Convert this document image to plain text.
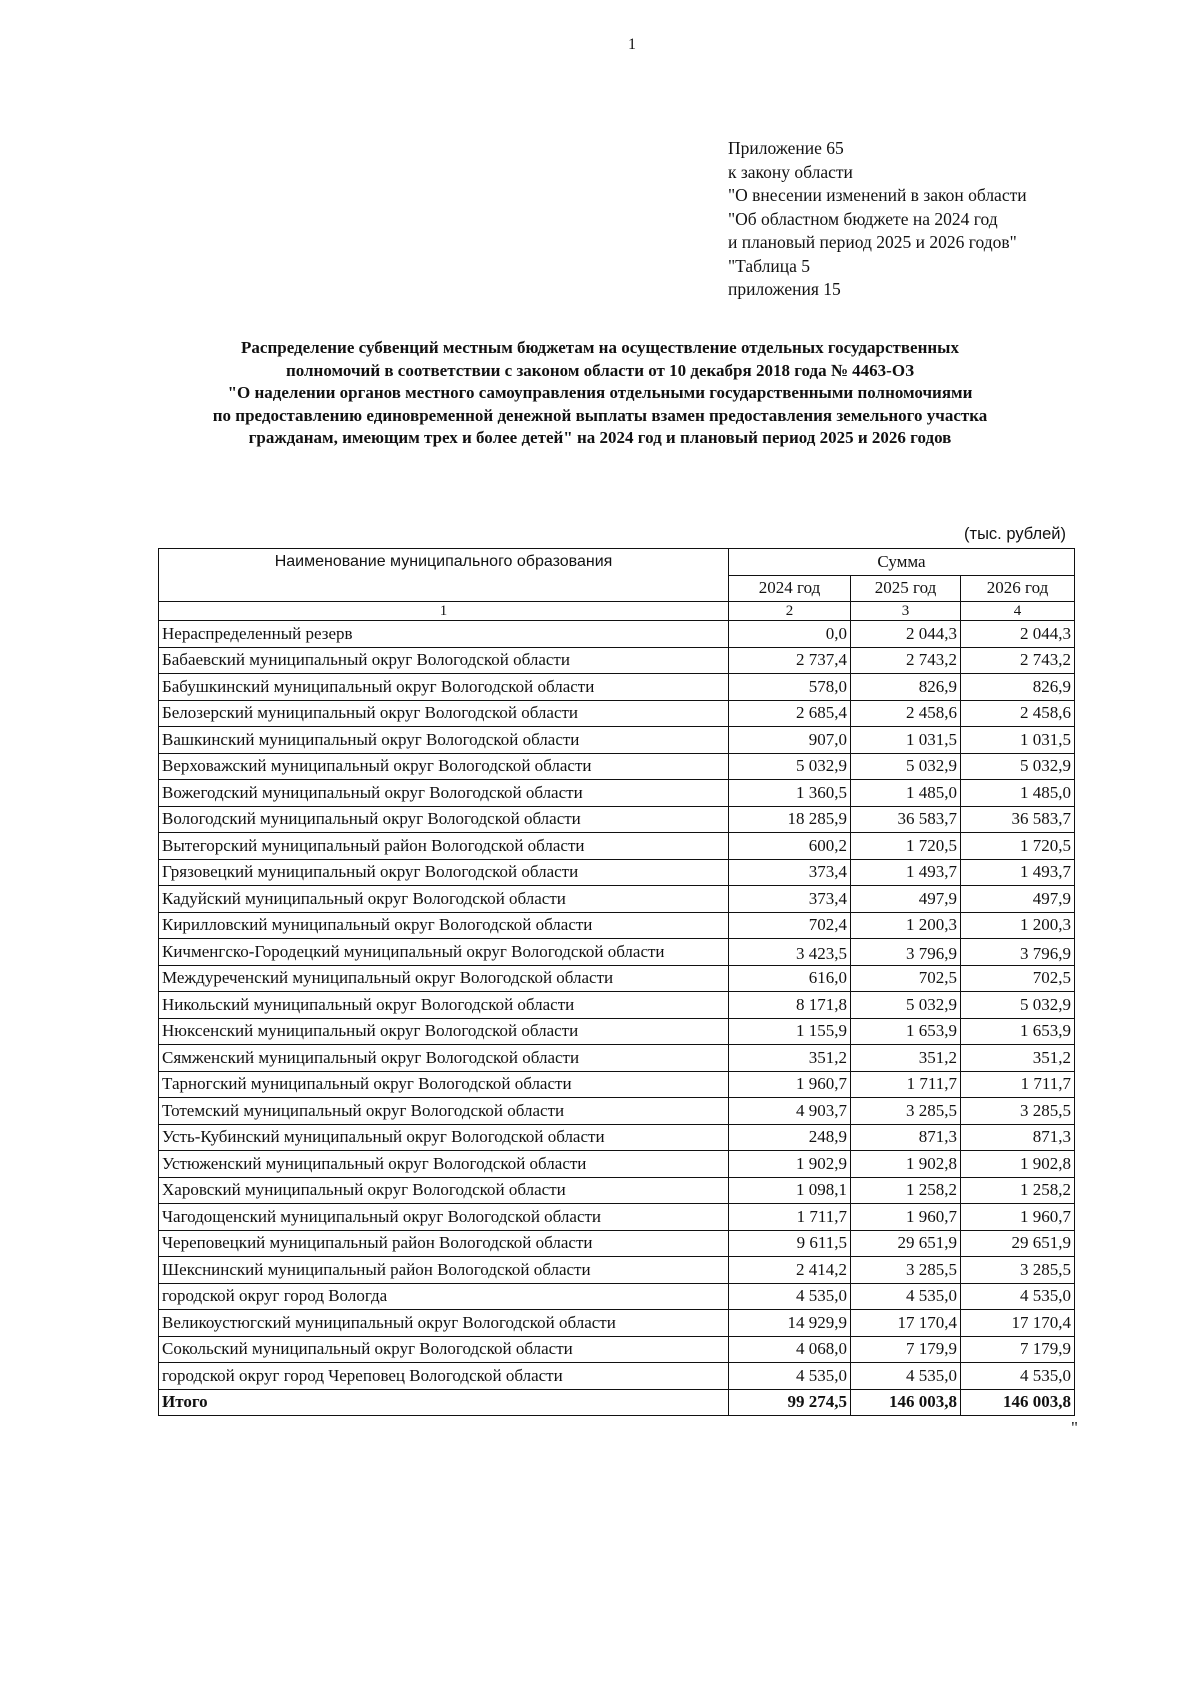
1
Приложение 65
к закону области
"О внесении изменений в закон области
"Об областном бюджете на 2024 год
и плановый период 2025 и 2026 годов"
"Таблица 5
приложения 15
Распределение субвенций местным бюджетам на осуществление отдельных государственных
полномочий в соответствии с законом области от 10 декабря 2018 года № 4463-ОЗ
"О наделении органов местного самоуправления отдельными государственными полномочиями
по предоставлению единовременной денежной выплаты взамен предоставления земельного участка
гражданам, имеющим трех и более детей" на 2024 год и плановый период 2025 и 2026 годов
(тыс. рублей)
Наименование муниципального образования	Сумма		
	2024 год	2025 год	2026 год
1	2	3	4
Нераспределенный резерв	0,0	2 044,3	2 044,3
Бабаевский муниципальный округ Вологодской области	2 737,4	2 743,2	2 743,2
Бабушкинский муниципальный округ Вологодской области	578,0	826,9	826,9
Белозерский муниципальный округ Вологодской области	2 685,4	2 458,6	2 458,6
Вашкинский муниципальный округ Вологодской области	907,0	1 031,5	1 031,5
Верховажский муниципальный округ Вологодской области	5 032,9	5 032,9	5 032,9
Вожегодский муниципальный округ Вологодской области	1 360,5	1 485,0	1 485,0
Вологодский муниципальный округ Вологодской области	18 285,9	36 583,7	36 583,7
Вытегорский муниципальный район Вологодской области	600,2	1 720,5	1 720,5
Грязовецкий муниципальный округ Вологодской области	373,4	1 493,7	1 493,7
Кадуйский муниципальный округ Вологодской области	373,4	497,9	497,9
Кирилловский муниципальный округ Вологодской области	702,4	1 200,3	1 200,3
Кичменгско-Городецкий муниципальный округ Вологодской области	3 423,5	3 796,9	3 796,9
Междуреченский муниципальный округ Вологодской области	616,0	702,5	702,5
Никольский муниципальный округ Вологодской области	8 171,8	5 032,9	5 032,9
Нюксенский муниципальный округ Вологодской области	1 155,9	1 653,9	1 653,9
Сямженский муниципальный округ Вологодской области	351,2	351,2	351,2
Тарногский муниципальный округ Вологодской области	1 960,7	1 711,7	1 711,7
Тотемский муниципальный округ Вологодской области	4 903,7	3 285,5	3 285,5
Усть-Кубинский муниципальный округ Вологодской области	248,9	871,3	871,3
Устюженский муниципальный округ Вологодской области	1 902,9	1 902,8	1 902,8
Харовский муниципальный округ Вологодской области	1 098,1	1 258,2	1 258,2
Чагодощенский муниципальный округ Вологодской области	1 711,7	1 960,7	1 960,7
Череповецкий муниципальный район Вологодской области	9 611,5	29 651,9	29 651,9
Шекснинский муниципальный район Вологодской области	2 414,2	3 285,5	3 285,5
городской округ город Вологда	4 535,0	4 535,0	4 535,0
Великоустюгский муниципальный округ Вологодской области	14 929,9	17 170,4	17 170,4
Сокольский муниципальный округ Вологодской области	4 068,0	7 179,9	7 179,9
городской округ город Череповец Вологодской области	4 535,0	4 535,0	4 535,0
Итого	99 274,5	146 003,8	146 003,8
"
